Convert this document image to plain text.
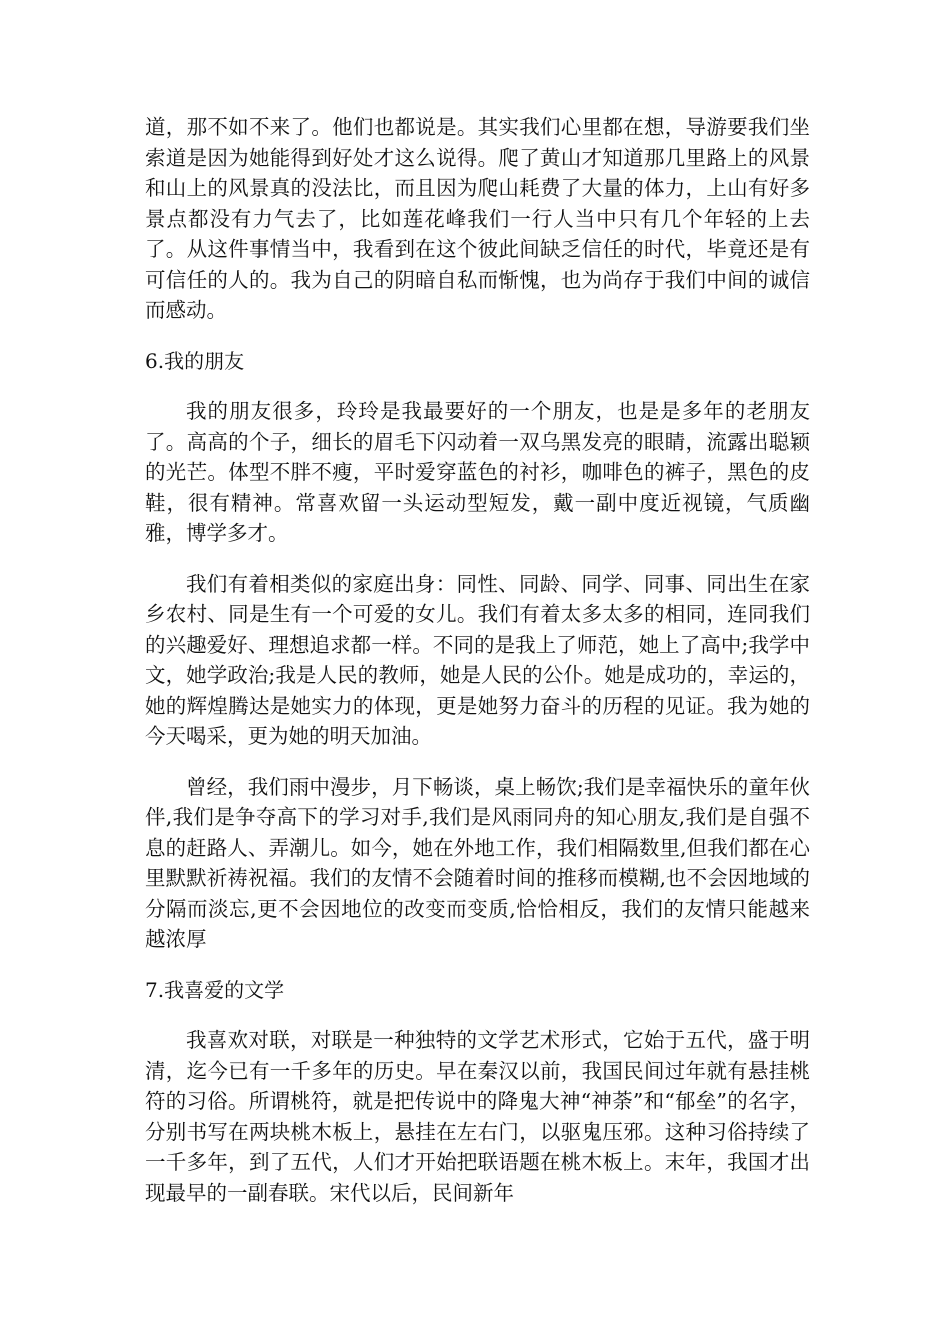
道，那不如不来了。他们也都说是。其实我们心里都在想，导游要我们坐索道是因为她能得到好处才这么说得。爬了黄山才知道那几里路上的风景和山上的风景真的没法比，而且因为爬山耗费了大量的体力，上山有好多景点都没有力气去了，比如莲花峰我们一行人当中只有几个年轻的上去了。从这件事情当中，我看到在这个彼此间缺乏信任的时代，毕竟还是有可信任的人的。我为自己的阴暗自私而惭愧，也为尚存于我们中间的诚信而感动。

6.我的朋友

我的朋友很多，玲玲是我最要好的一个朋友，也是是多年的老朋友了。高高的个子，细长的眉毛下闪动着一双乌黑发亮的眼睛，流露出聪颖的光芒。体型不胖不瘦，平时爱穿蓝色的衬衫，咖啡色的裤子，黑色的皮鞋，很有精神。常喜欢留一头运动型短发，戴一副中度近视镜，气质幽雅，博学多才。

我们有着相类似的家庭出身：同性、同龄、同学、同事、同出生在家乡农村、同是生有一个可爱的女儿。我们有着太多太多的相同，连同我们的兴趣爱好、理想追求都一样。不同的是我上了师范，她上了高中;我学中文，她学政治;我是人民的教师，她是人民的公仆。她是成功的，幸运的，她的辉煌腾达是她实力的体现，更是她努力奋斗的历程的见证。我为她的今天喝采，更为她的明天加油。

曾经，我们雨中漫步，月下畅谈，桌上畅饮;我们是幸福快乐的童年伙伴,我们是争夺高下的学习对手,我们是风雨同舟的知心朋友,我们是自强不息的赶路人、弄潮儿。如今，她在外地工作，我们相隔数里,但我们都在心里默默祈祷祝福。我们的友情不会随着时间的推移而模糊,也不会因地域的分隔而淡忘,更不会因地位的改变而变质,恰恰相反，我们的友情只能越来越浓厚

7.我喜爱的文学

我喜欢对联，对联是一种独特的文学艺术形式，它始于五代，盛于明清，迄今已有一千多年的历史。早在秦汉以前，我国民间过年就有悬挂桃符的习俗。所谓桃符，就是把传说中的降鬼大神“神荼”和“郁垒”的名字，分别书写在两块桃木板上，悬挂在左右门，以驱鬼压邪。这种习俗持续了一千多年，到了五代，人们才开始把联语题在桃木板上。末年，我国才出现最早的一副春联。宋代以后，民间新年
